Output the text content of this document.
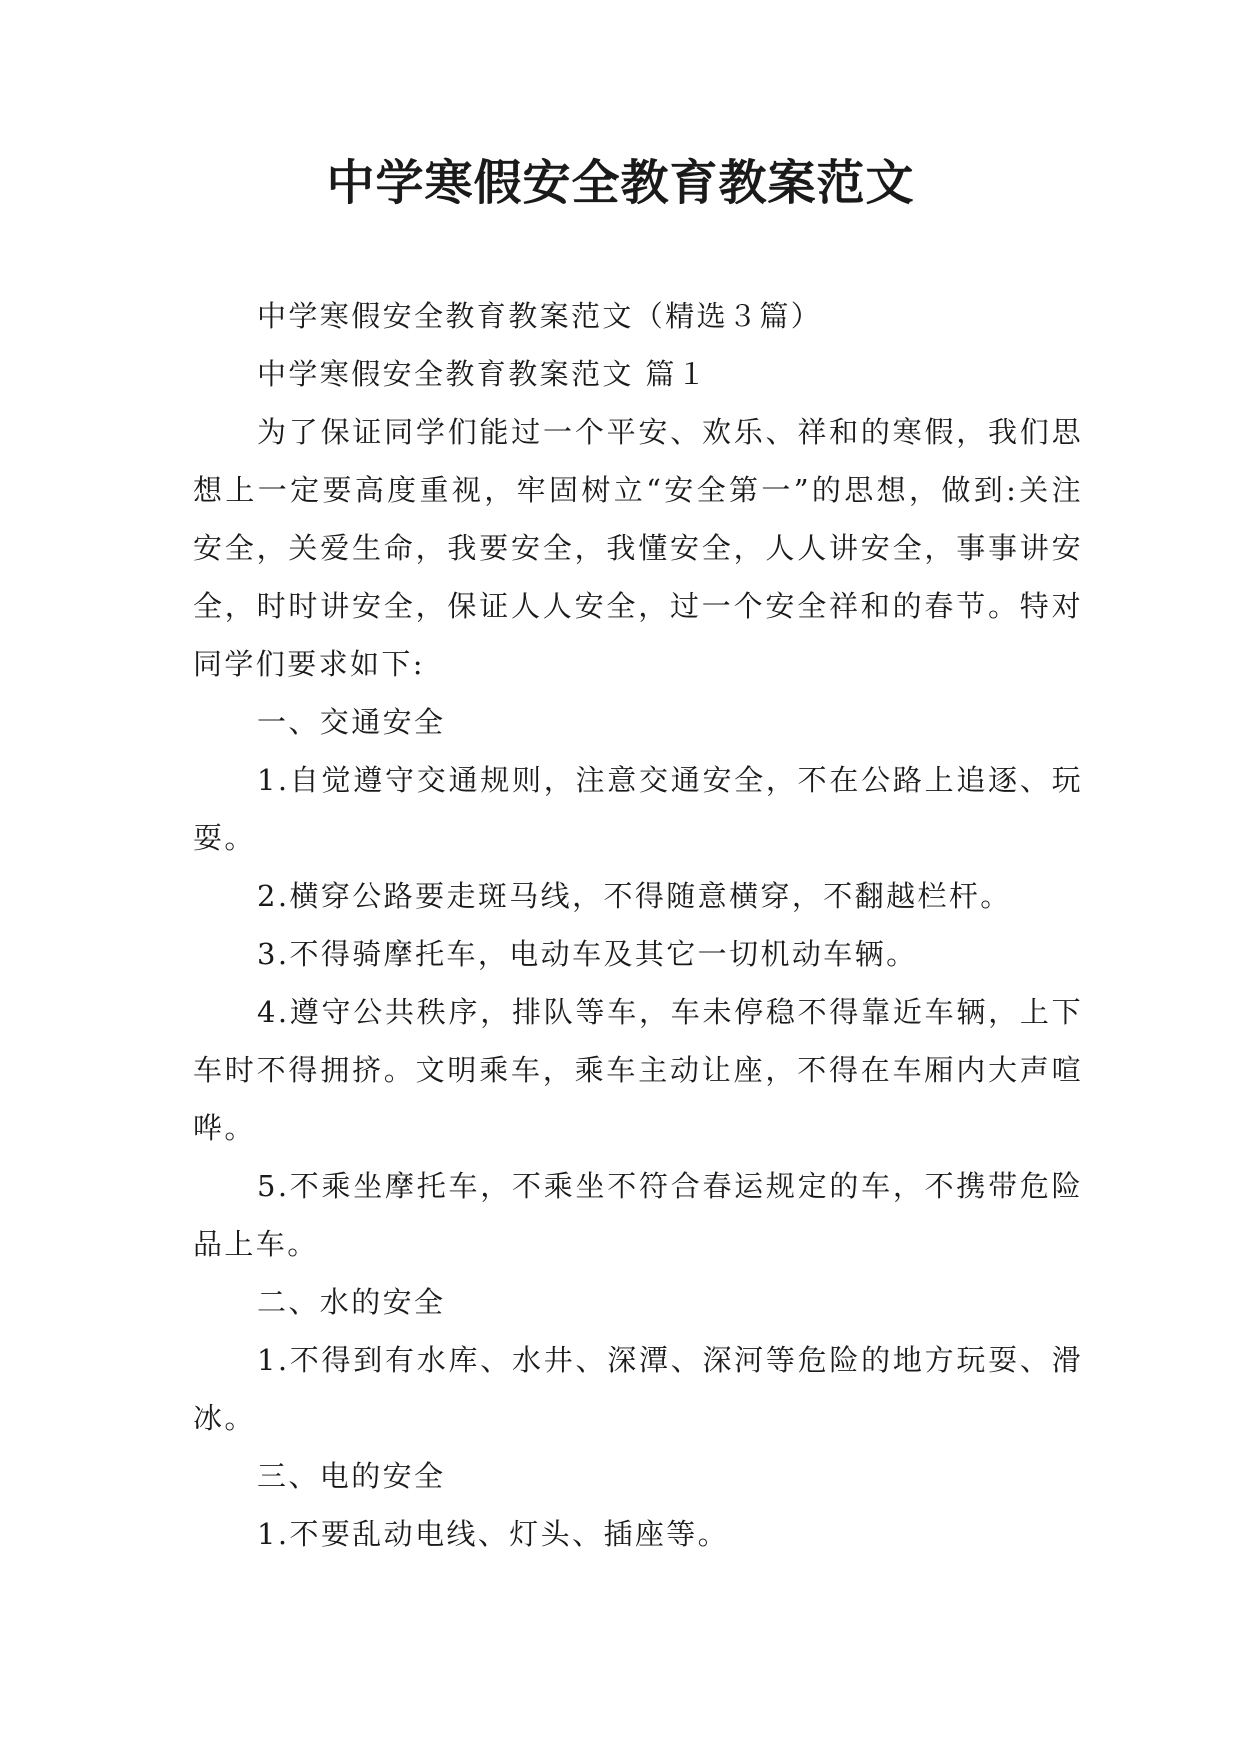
中学寒假安全教育教案范文

中学寒假安全教育教案范文（精选３篇）

中学寒假安全教育教案范文 篇１

为了保证同学们能过一个平安、欢乐、祥和的寒假，我们思想上一定要高度重视，牢固树立“安全第一”的思想，做到:关注安全，关爱生命，我要安全，我懂安全，人人讲安全，事事讲安全，时时讲安全，保证人人安全，过一个安全祥和的春节。特对同学们要求如下:

一、交通安全

1.自觉遵守交通规则，注意交通安全，不在公路上追逐、玩耍。

2.横穿公路要走斑马线，不得随意横穿，不翻越栏杆。

3.不得骑摩托车，电动车及其它一切机动车辆。

4.遵守公共秩序，排队等车，车未停稳不得靠近车辆，上下车时不得拥挤。文明乘车，乘车主动让座，不得在车厢内大声喧哗。

5.不乘坐摩托车，不乘坐不符合春运规定的车，不携带危险品上车。

二、水的安全

1.不得到有水库、水井、深潭、深河等危险的地方玩耍、滑冰。

三、电的安全

1.不要乱动电线、灯头、插座等。
